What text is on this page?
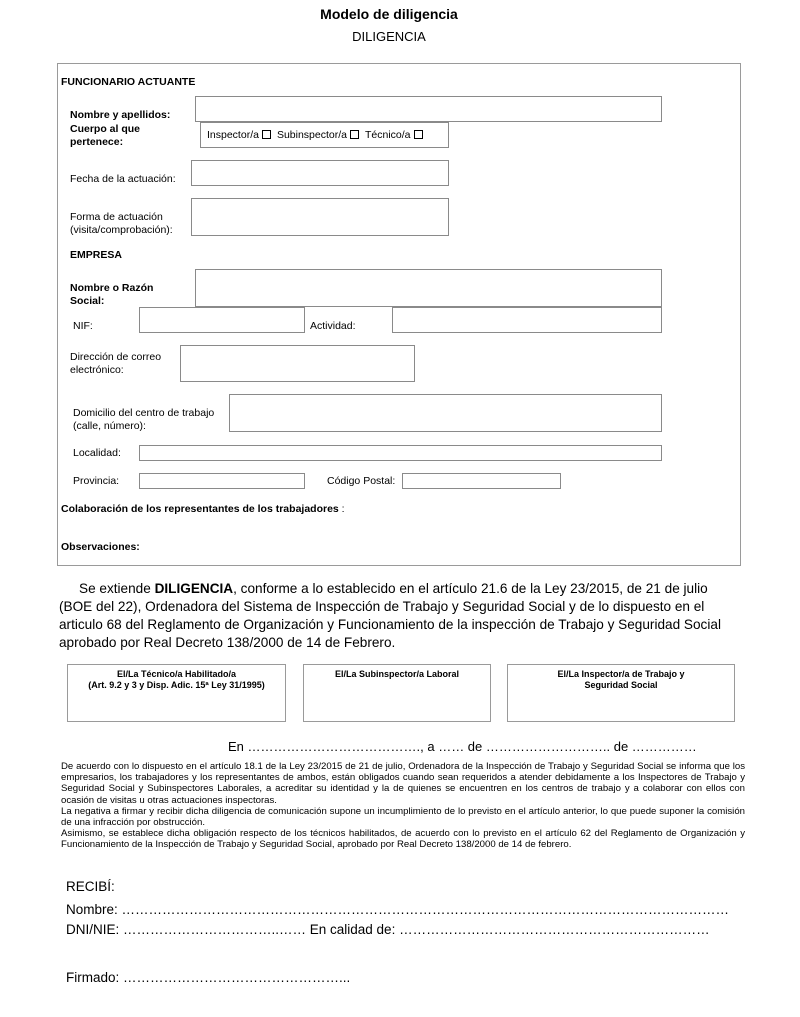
Modelo de diligencia
DILIGENCIA
FUNCIONARIO ACTUANTE
Nombre y apellidos:
Cuerpo al que pertenece:
Inspector/a Subinspector/a Técnico/a
Fecha de la actuación:
Forma de actuación (visita/comprobación):
EMPRESA
Nombre o Razón Social:
NIF:	Actividad:
Dirección de correo electrónico:
Domicilio del centro de trabajo (calle, número):
Localidad:
Provincia:	Código Postal:
Colaboración de los representantes de los trabajadores :
Observaciones:
Se extiende DILIGENCIA, conforme a lo establecido en el artículo 21.6 de la Ley 23/2015, de 21 de julio (BOE del 22), Ordenadora del Sistema de Inspección de Trabajo y Seguridad Social y de lo dispuesto en el articulo 68 del Reglamento de Organización y Funcionamiento de la inspección de Trabajo y Seguridad Social aprobado por Real Decreto 138/2000 de 14 de Febrero.
El/La Técnico/a Habilitado/a
(Art. 9.2 y 3 y Disp. Adic. 15ª Ley 31/1995)
El/La Subinspector/a Laboral	El/La Inspector/a de Trabajo y
Seguridad Social
En …………………………………., a …… de ……………………….. de ……………
De acuerdo con lo dispuesto en el artículo 18.1 de la Ley 23/2015 de 21 de julio, Ordenadora de la Inspección de Trabajo y Seguridad Social se informa que los empresarios, los trabajadores y los representantes de ambos, están obligados cuando sean requeridos a atender debidamente a los Inspectores de Trabajo y Seguridad Social y Subinspectores Laborales, a acreditar su identidad y la de quienes se encuentren en los centros de trabajo y a colaborar con ellos con ocasión de visitas u otras actuaciones inspectoras.
La negativa a firmar y recibir dicha diligencia de comunicación supone un incumplimiento de lo previsto en el artículo anterior, lo que puede suponer la comisión de una infracción por obstrucción.
Asimismo, se establece dicha obligación respecto de los técnicos habilitados, de acuerdo con lo previsto en el artículo 62 del Reglamento de Organización y Funcionamiento de la Inspección de Trabajo y Seguridad Social, aprobado por Real Decreto 138/2000 de 14 de febrero.
RECIBÍ:
Nombre: ………………………………………………………………………………………………………………………
DNI/NIE: ……………………………..…… En calidad de: ……………………………………………………………
Firmado: …………………………………………...
